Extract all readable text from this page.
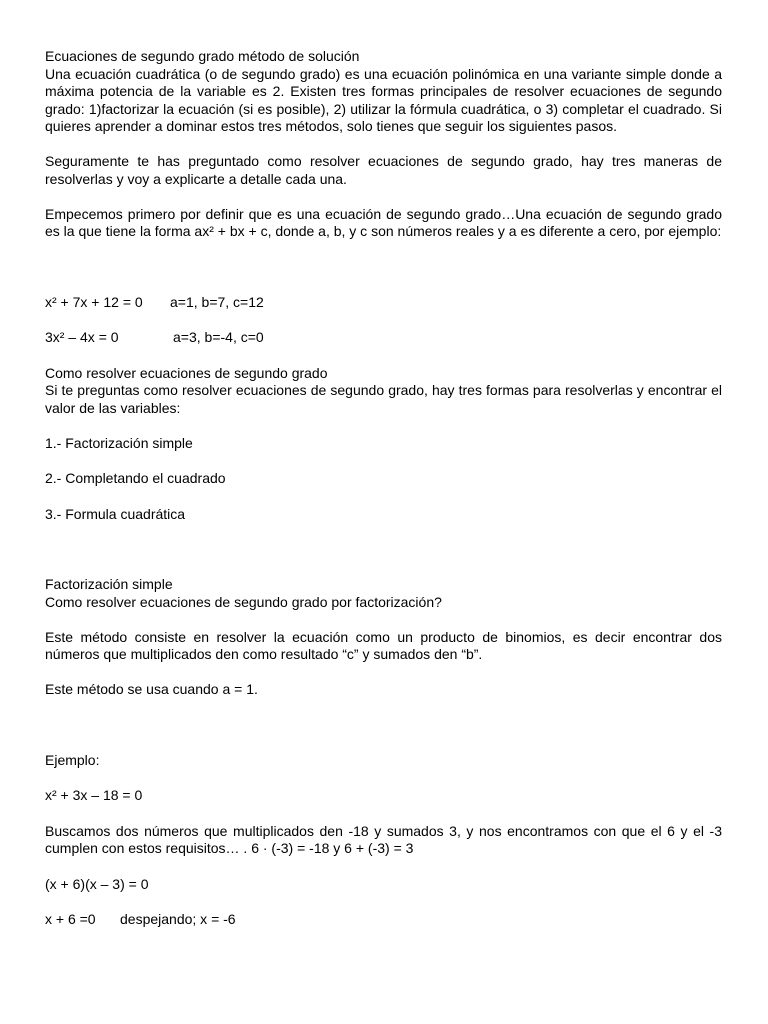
Ecuaciones de segundo grado método de solución

Una ecuación cuadrática (o de segundo grado) es una ecuación polinómica en una variante simple donde a máxima potencia de la variable es 2. Existen tres formas principales de resolver ecuaciones de segundo grado: 1)factorizar la ecuación (si es posible), 2) utilizar la fórmula cuadrática, o 3) completar el cuadrado. Si quieres aprender a dominar estos tres métodos, solo tienes que seguir los siguientes pasos.

Seguramente te has preguntado como resolver ecuaciones de segundo grado, hay tres maneras de resolverlas y voy a explicarte a detalle cada una.

Empecemos primero por definir que es una ecuación de segundo grado…Una ecuación de segundo grado es la que tiene la forma ax² + bx + c, donde a, b, y c son números reales y a es diferente a cero, por ejemplo:

x² + 7x + 12 = 0 a=1, b=7, c=12

3x² – 4x = 0	a=3, b=-4, c=0

Como resolver ecuaciones de segundo grado

Si te preguntas como resolver ecuaciones de segundo grado, hay tres formas para resolverlas y encontrar el valor de las variables:

1.- Factorización simple

2.- Completando el cuadrado

3.- Formula cuadrática

Factorización simple

Como resolver ecuaciones de segundo grado por factorización?

Este método consiste en resolver la ecuación como un producto de binomios, es decir encontrar dos números que multiplicados den como resultado “c” y sumados den “b”.

Este método se usa cuando a = 1.

Ejemplo:

x² + 3x – 18 = 0

Buscamos dos números que multiplicados den -18 y sumados 3, y nos encontramos con que el 6 y el -3 cumplen con estos requisitos… . 6 · (-3) = -18 y 6 + (-3) = 3

(x + 6)(x – 3) = 0

x + 6 =0 despejando; x = -6
